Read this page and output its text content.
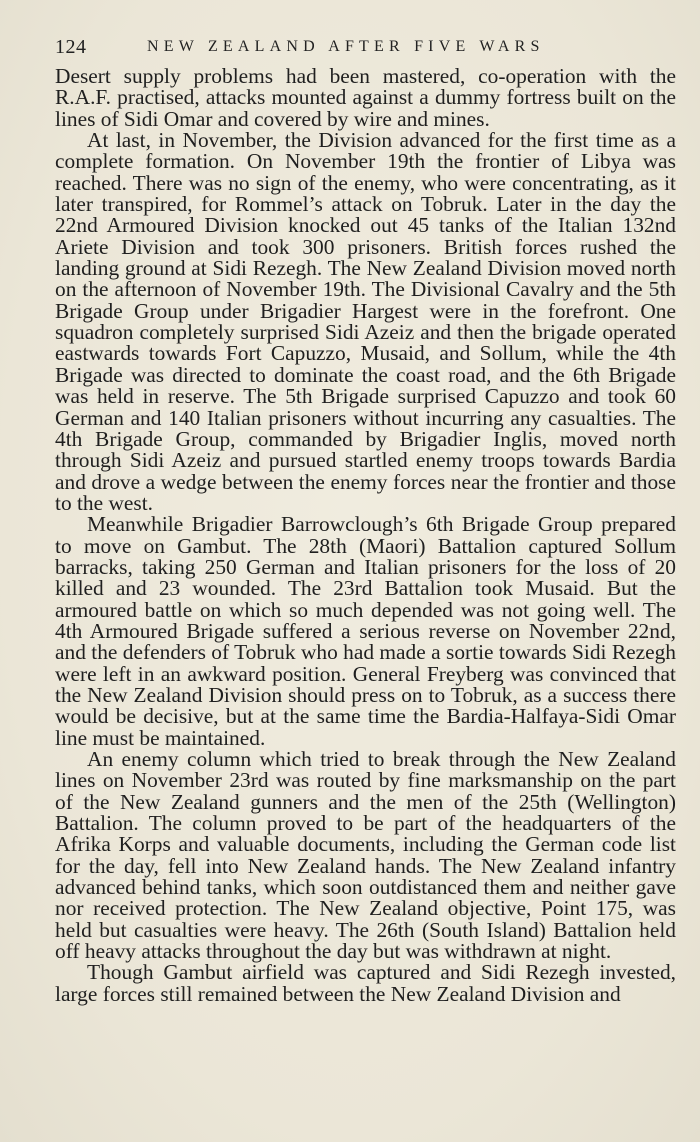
124	NEW ZEALAND AFTER FIVE WARS

Desert supply problems had been mastered, co-operation with the R.A.F. practised, attacks mounted against a dummy fortress built on the lines of Sidi Omar and covered by wire and mines.

At last, in November, the Division advanced for the first time as a complete formation. On November 19th the frontier of Libya was reached. There was no sign of the enemy, who were concentrating, as it later transpired, for Rommel’s attack on Tobruk. Later in the day the 22nd Armoured Division knocked out 45 tanks of the Italian 132nd Ariete Division and took 300 prisoners. British forces rushed the landing ground at Sidi Rezegh. The New Zealand Division moved north on the afternoon of November 19th. The Divisional Cavalry and the 5th Brigade Group under Brigadier Hargest were in the forefront. One squadron completely surprised Sidi Azeiz and then the brigade operated eastwards towards Fort Capuzzo, Musaid, and Sollum, while the 4th Brigade was directed to dominate the coast road, and the 6th Brigade was held in reserve. The 5th Brigade surprised Capuzzo and took 60 German and 140 Italian prisoners without incurring any casualties. The 4th Brigade Group, commanded by Brigadier Inglis, moved north through Sidi Azeiz and pursued startled enemy troops towards Bardia and drove a wedge between the enemy forces near the frontier and those to the west.

Meanwhile Brigadier Barrowclough’s 6th Brigade Group prepared to move on Gambut. The 28th (Maori) Battalion captured Sollum barracks, taking 250 German and Italian prisoners for the loss of 20 killed and 23 wounded. The 23rd Battalion took Musaid. But the armoured battle on which so much depended was not going well. The 4th Armoured Brigade suffered a serious reverse on November 22nd, and the defenders of Tobruk who had made a sortie towards Sidi Rezegh were left in an awkward position. General Freyberg was convinced that the New Zealand Division should press on to Tobruk, as a success there would be decisive, but at the same time the Bardia-Halfaya-Sidi Omar line must be maintained.

An enemy column which tried to break through the New Zealand lines on November 23rd was routed by fine marksmanship on the part of the New Zealand gunners and the men of the 25th (Wellington) Battalion. The column proved to be part of the headquarters of the Afrika Korps and valuable documents, including the German code list for the day, fell into New Zealand hands. The New Zealand infantry advanced behind tanks, which soon outdistanced them and neither gave nor received protection. The New Zealand objective, Point 175, was held but casualties were heavy. The 26th (South Island) Battalion held off heavy attacks throughout the day but was withdrawn at night.

Though Gambut airfield was captured and Sidi Rezegh invested, large forces still remained between the New Zealand Division and
